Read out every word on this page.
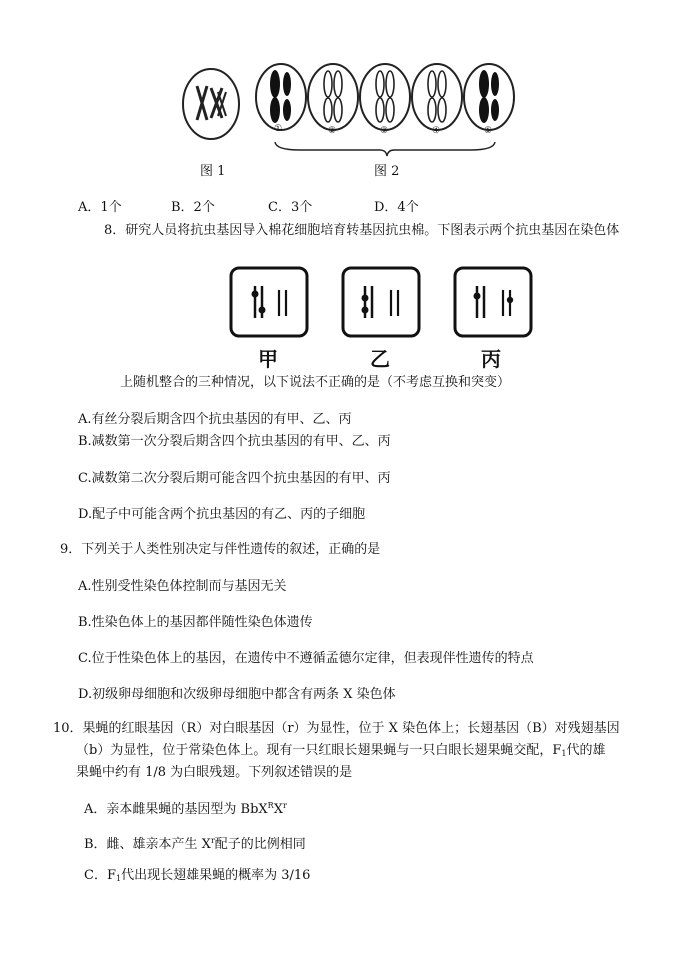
①	②	③	④	⑤
图 1	图 2
A．1个	B．2个	C．3个	D．4个
8．研究人员将抗虫基因导入棉花细胞培育转基因抗虫棉。下图表示两个抗虫基因在染色体
甲	乙	丙
上随机整合的三种情况，以下说法不正确的是（不考虑互换和突变）
A.有丝分裂后期含四个抗虫基因的有甲、乙、丙
B.减数第一次分裂后期含四个抗虫基因的有甲、乙、丙
C.减数第二次分裂后期可能含四个抗虫基因的有甲、丙
D.配子中可能含两个抗虫基因的有乙、丙的子细胞
9．下列关于人类性别决定与伴性遗传的叙述，正确的是
A.性别受性染色体控制而与基因无关
B.性染色体上的基因都伴随性染色体遗传
C.位于性染色体上的基因，在遗传中不遵循孟德尔定律，但表现伴性遗传的特点
D.初级卵母细胞和次级卵母细胞中都含有两条 X 染色体
10．果蝇的红眼基因（R）对白眼基因（r）为显性，位于 X 染色体上；长翅基因（B）对残翅基因
（b）为显性，位于常染色体上。现有一只红眼长翅果蝇与一只白眼长翅果蝇交配，$F_1$代的雄
果蝇中约有 1/8 为白眼残翅。下列叙述错误的是
A．亲本雌果蝇的基因型为 $BbX^RX^r$
B．雌、雄亲本产生 $X^r$配子的比例相同
C．$F_1$代出现长翅雄果蝇的概率为 3/16
